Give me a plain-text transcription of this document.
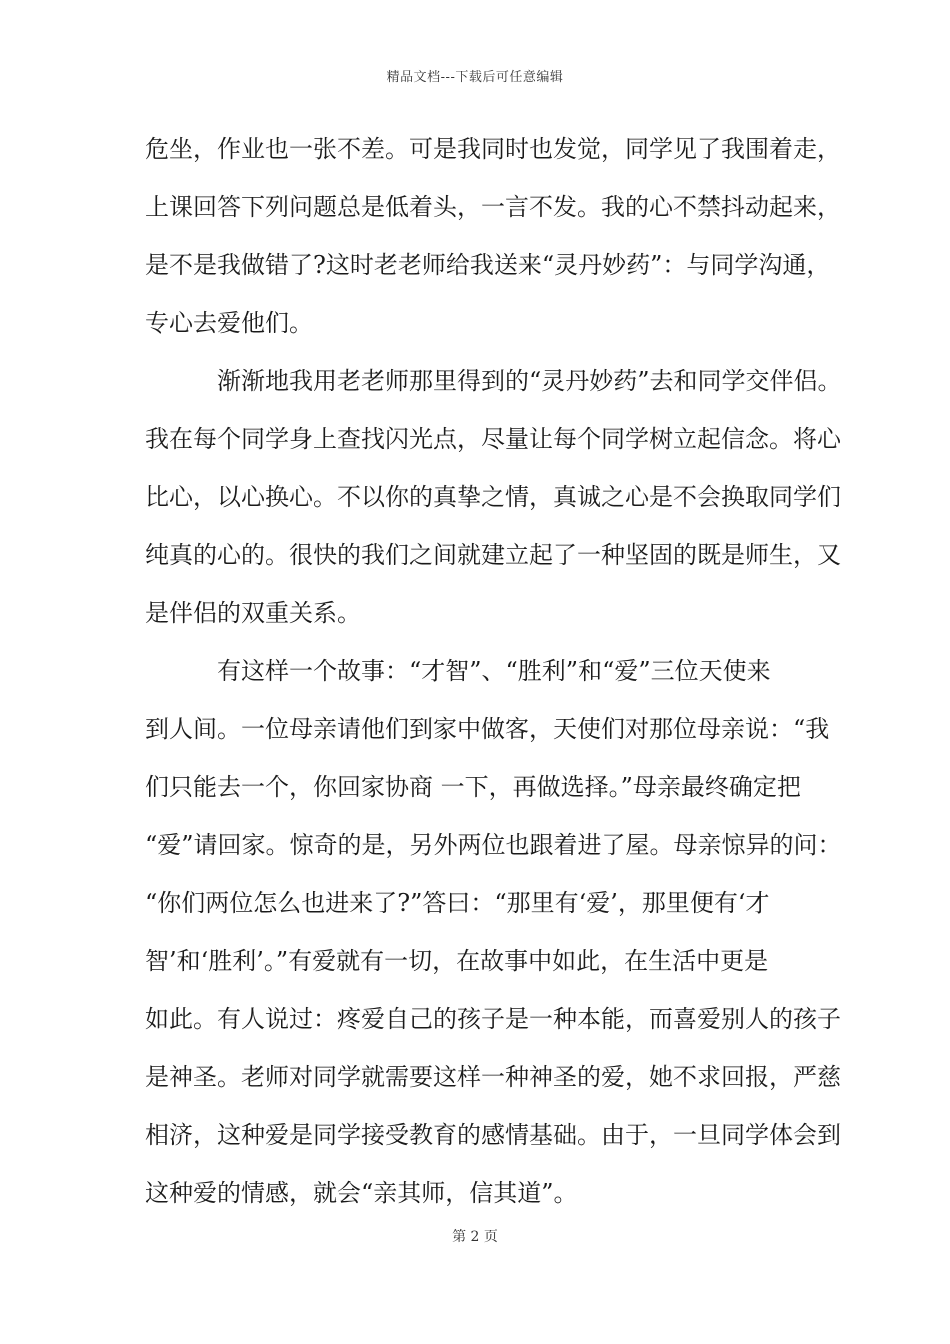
精品文档---下载后可任意编辑
危坐，作业也一张不差。可是我同时也发觉，同学见了我围着走，
上课回答下列问题总是低着头，一言不发。我的心不禁抖动起来，
是不是我做错了?这时老老师给我送来“灵丹妙药”：与同学沟通，
专心去爱他们。
渐渐地我用老老师那里得到的“灵丹妙药”去和同学交伴侣。
我在每个同学身上查找闪光点，尽量让每个同学树立起信念。将心
比心，以心换心。不以你的真挚之情，真诚之心是不会换取同学们
纯真的心的。很快的我们之间就建立起了一种坚固的既是师生，又
是伴侣的双重关系。
有这样一个故事：“才智”、“胜利”和“爱”三位天使来
到人间。一位母亲请他们到家中做客，天使们对那位母亲说：“我
们只能去一个，你回家协商 一下，再做选择。”母亲最终确定把
“爱”请回家。惊奇的是，另外两位也跟着进了屋。母亲惊异的问：
“你们两位怎么也进来了?”答曰：“那里有‘爱’，那里便有‘才
智’和‘胜利’。”有爱就有一切，在故事中如此，在生活中更是
如此。有人说过：疼爱自己的孩子是一种本能，而喜爱别人的孩子
是神圣。老师对同学就需要这样一种神圣的爱，她不求回报，严慈
相济，这种爱是同学接受教育的感情基础。由于，一旦同学体会到
这种爱的情感，就会“亲其师，信其道”。
第 2 页
